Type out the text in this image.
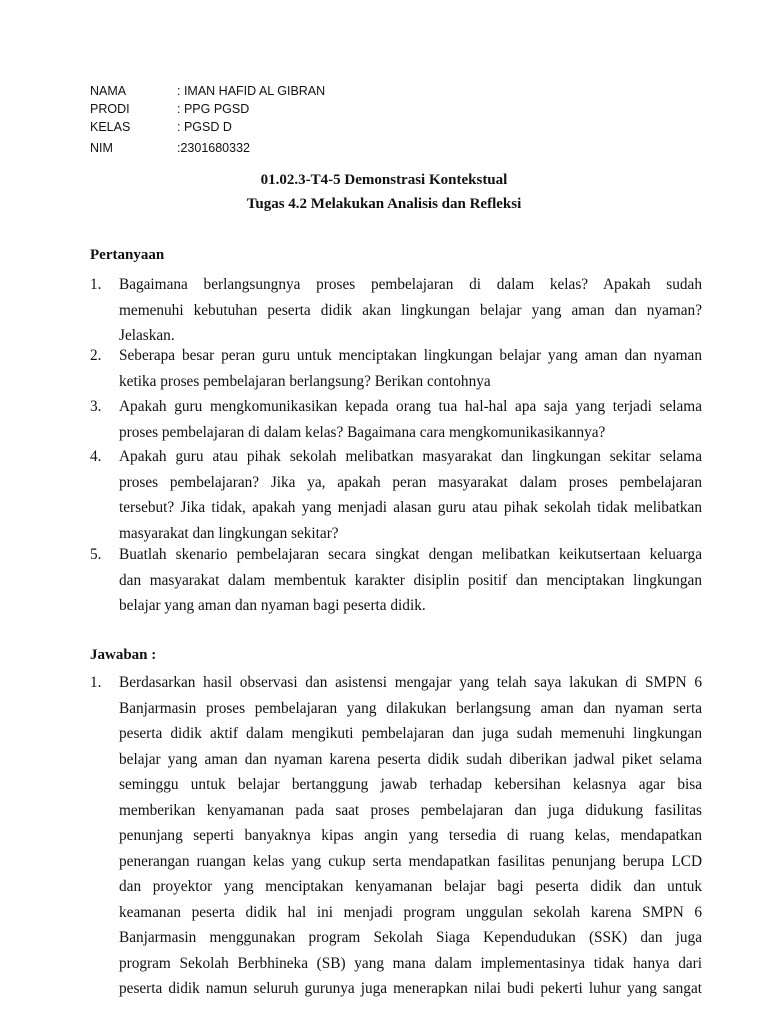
NAMA	: IMAN HAFID AL GIBRAN
PRODI	: PPG PGSD
KELAS	: PGSD D
NIM	:2301680332
01.02.3-T4-5 Demonstrasi Kontekstual
Tugas 4.2 Melakukan Analisis dan Refleksi
Pertanyaan
1. Bagaimana berlangsungnya proses pembelajaran di dalam kelas? Apakah sudah
memenuhi kebutuhan peserta didik akan lingkungan belajar yang aman dan nyaman?
Jelaskan.
2. Seberapa besar peran guru untuk menciptakan lingkungan belajar yang aman dan nyaman
ketika proses pembelajaran berlangsung? Berikan contohnya
3. Apakah guru mengkomunikasikan kepada orang tua hal-hal apa saja yang terjadi selama
proses pembelajaran di dalam kelas? Bagaimana cara mengkomunikasikannya?
4. Apakah guru atau pihak sekolah melibatkan masyarakat dan lingkungan sekitar selama
proses pembelajaran? Jika ya, apakah peran masyarakat dalam proses pembelajaran
tersebut? Jika tidak, apakah yang menjadi alasan guru atau pihak sekolah tidak melibatkan
masyarakat dan lingkungan sekitar?
5. Buatlah skenario pembelajaran secara singkat dengan melibatkan keikutsertaan keluarga
dan masyarakat dalam membentuk karakter disiplin positif dan menciptakan lingkungan
belajar yang aman dan nyaman bagi peserta didik.
Jawaban :
1. Berdasarkan hasil observasi dan asistensi mengajar yang telah saya lakukan di SMPN 6
Banjarmasin proses pembelajaran yang dilakukan berlangsung aman dan nyaman serta
peserta didik aktif dalam mengikuti pembelajaran dan juga sudah memenuhi lingkungan
belajar yang aman dan nyaman karena peserta didik sudah diberikan jadwal piket selama
seminggu untuk belajar bertanggung jawab terhadap kebersihan kelasnya agar bisa
memberikan kenyamanan pada saat proses pembelajaran dan juga didukung fasilitas
penunjang seperti banyaknya kipas angin yang tersedia di ruang kelas, mendapatkan
penerangan ruangan kelas yang cukup serta mendapatkan fasilitas penunjang berupa LCD
dan proyektor yang menciptakan kenyamanan belajar bagi peserta didik dan untuk
keamanan peserta didik hal ini menjadi program unggulan sekolah karena SMPN 6
Banjarmasin menggunakan program Sekolah Siaga Kependudukan (SSK) dan juga
program Sekolah Berbhineka (SB) yang mana dalam implementasinya tidak hanya dari
peserta didik namun seluruh gurunya juga menerapkan nilai budi pekerti luhur yang sangat
